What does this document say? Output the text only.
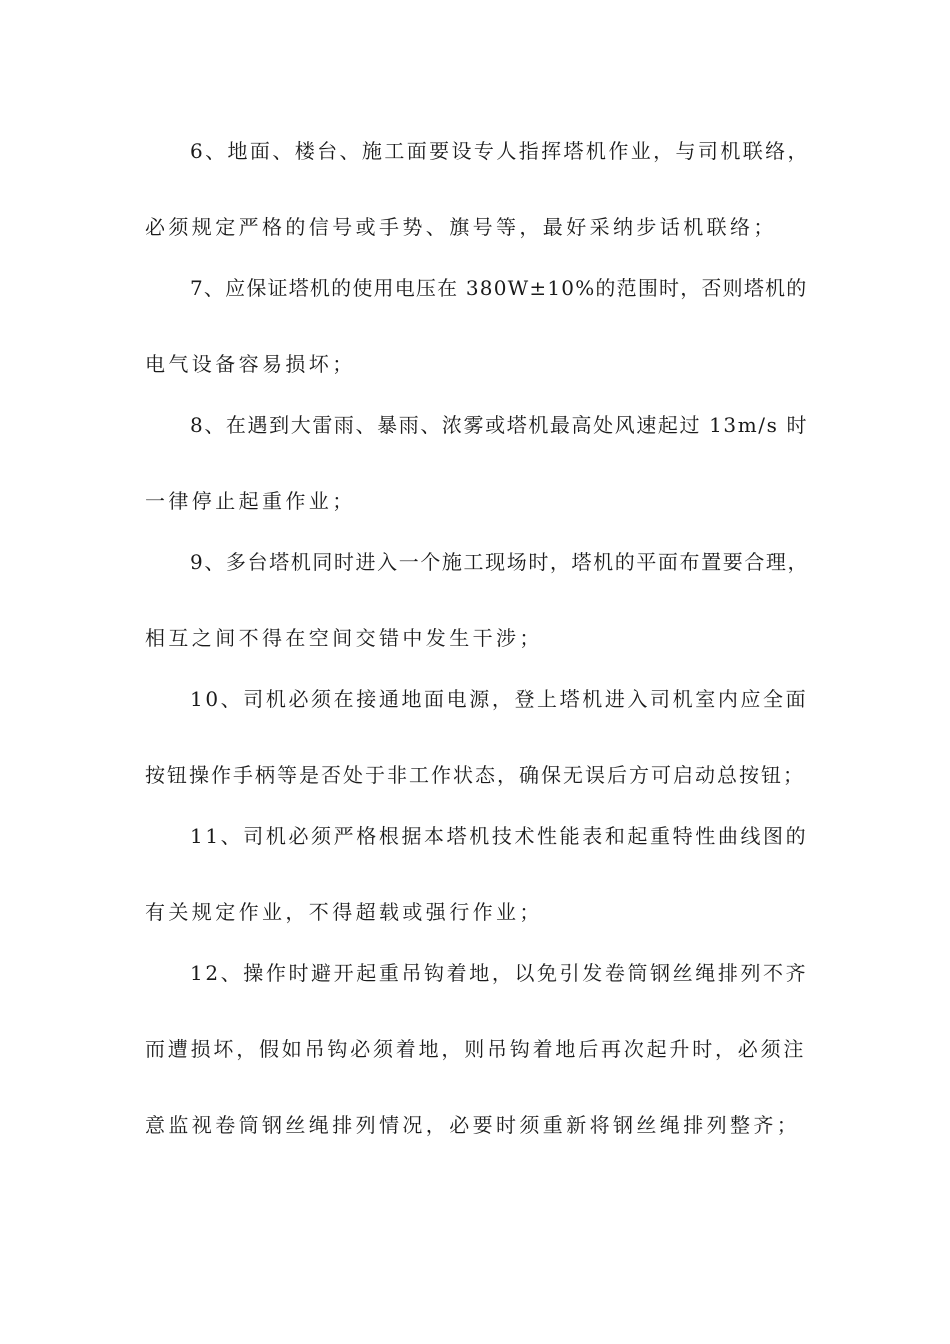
6、地面、楼台、施工面要设专人指挥塔机作业，与司机联络，
必须规定严格的信号或手势、旗号等，最好采纳步话机联络；
7、应保证塔机的使用电压在 380W±10%的范围时，否则塔机的
电气设备容易损坏；
8、在遇到大雷雨、暴雨、浓雾或塔机最高处风速起过 13m/s 时
一律停止起重作业；
9、多台塔机同时进入一个施工现场时，塔机的平面布置要合理，
相互之间不得在空间交错中发生干涉；
10、司机必须在接通地面电源，登上塔机进入司机室内应全面
按钮操作手柄等是否处于非工作状态，确保无误后方可启动总按钮；
11、司机必须严格根据本塔机技术性能表和起重特性曲线图的
有关规定作业，不得超载或强行作业；
12、操作时避开起重吊钩着地，以免引发卷筒钢丝绳排列不齐
而遭损坏，假如吊钩必须着地，则吊钩着地后再次起升时，必须注
意监视卷筒钢丝绳排列情况，必要时须重新将钢丝绳排列整齐；
